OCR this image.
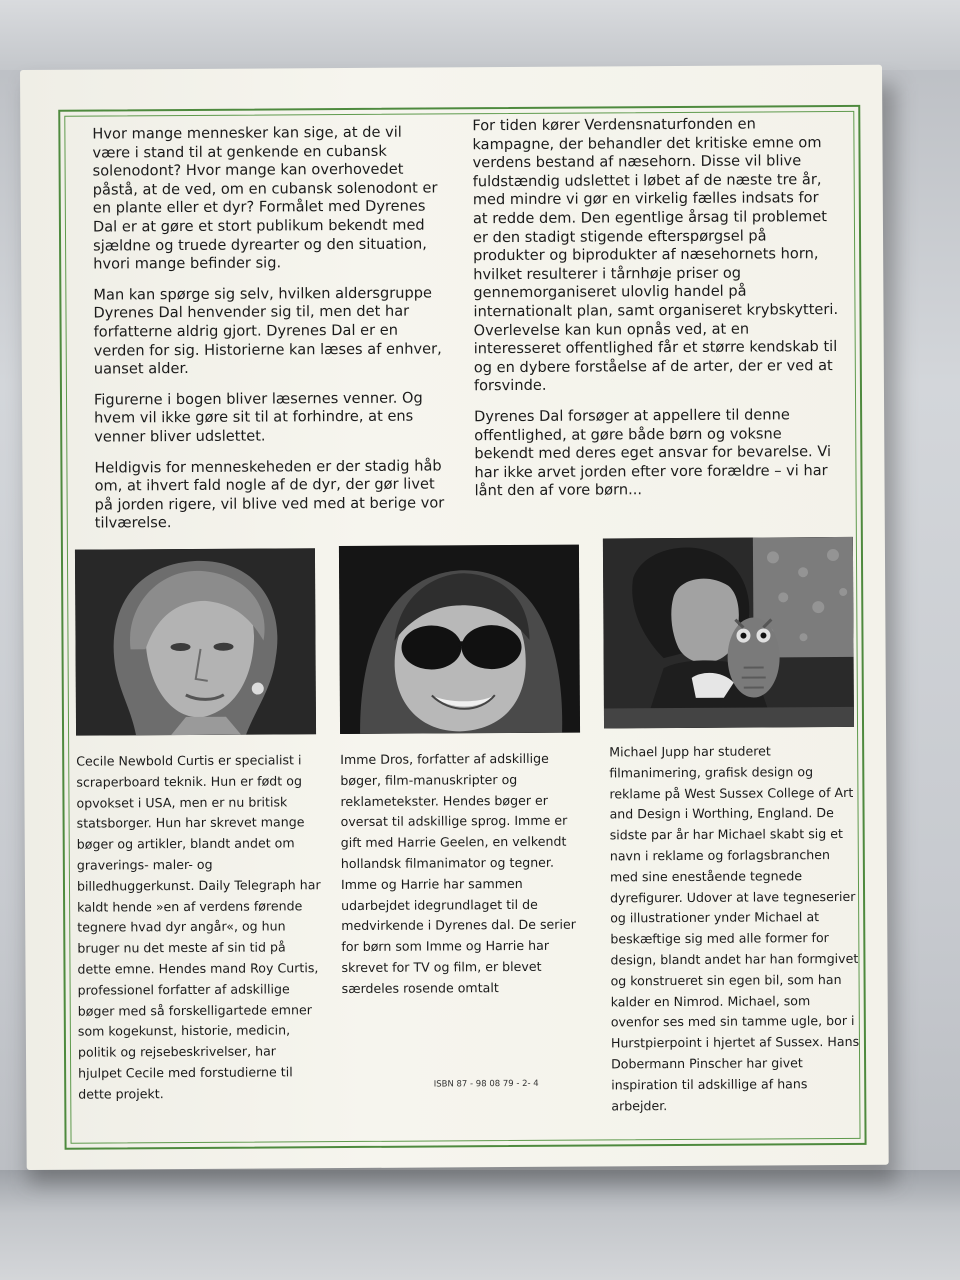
Hvor mange mennesker kan sige, at de vil være i stand til at genkende en cubansk solenodont? Hvor mange kan overhovedet påstå, at de ved, om en cubansk solenodont er en plante eller et dyr? Formålet med Dyrenes Dal er at gøre et stort publikum bekendt med sjældne og truede dyrearter og den situation, hvori mange befinder sig.

Man kan spørge sig selv, hvilken aldersgruppe Dyrenes Dal henvender sig til, men det har forfatterne aldrig gjort. Dyrenes Dal er en verden for sig. Historierne kan læses af enhver, uanset alder.

Figurerne i bogen bliver læsernes venner. Og hvem vil ikke gøre sit til at forhindre, at ens venner bliver udslettet.

Heldigvis for menneskeheden er der stadig håb om, at ihvert fald nogle af de dyr, der gør livet på jorden rigere, vil blive ved med at berige vor tilværelse.

For tiden kører Verdensnaturfonden en kampagne, der behandler det kritiske emne om verdens bestand af næsehorn. Disse vil blive fuldstændig udslettet i løbet af de næste tre år, med mindre vi gør en virkelig fælles indsats for at redde dem. Den egentlige årsag til problemet er den stadigt stigende efterspørgsel på produkter og biprodukter af næsehornets horn, hvilket resulterer i tårnhøje priser og gennemorganiseret ulovlig handel på internationalt plan, samt organiseret krybskytteri. Overlevelse kan kun opnås ved, at en interesseret offentlighed får et større kendskab til og en dybere forståelse af de arter, der er ved at forsvinde.

Dyrenes Dal forsøger at appellere til denne offentlighed, at gøre både børn og voksne bekendt med deres eget ansvar for bevarelse. Vi har ikke arvet jorden efter vore forældre – vi har lånt den af vore børn...

Cecile Newbold Curtis er specialist i scraperboard teknik. Hun er født og opvokset i USA, men er nu britisk statsborger. Hun har skrevet mange bøger og artikler, blandt andet om graverings- maler- og billedhuggerkunst. Daily Telegraph har kaldt hende »en af verdens førende tegnere hvad dyr angår«, og hun bruger nu det meste af sin tid på dette emne. Hendes mand Roy Curtis, professionel forfatter af adskillige bøger med så forskelligartede emner som kogekunst, historie, medicin, politik og rejsebeskrivelser, har hjulpet Cecile med forstudierne til dette projekt.
Imme Dros, forfatter af adskillige bøger, film-manuskripter og reklametekster. Hendes bøger er oversat til adskillige sprog. Imme er gift med Harrie Geelen, en velkendt hollandsk filmanimator og tegner. Imme og Harrie har sammen udarbejdet idegrundlaget til de medvirkende i Dyrenes dal. De serier for børn som Imme og Harrie har skrevet for TV og film, er blevet særdeles rosende omtalt
Michael Jupp har studeret filmanimering, grafisk design og reklame på West Sussex College of Art and Design i Worthing, England. De sidste par år har Michael skabt sig et navn i reklame og forlagsbranchen med sine enestående tegnede dyrefigurer. Udover at lave tegneserier og illustrationer ynder Michael at beskæftige sig med alle former for design, blandt andet har han formgivet og konstrueret sin egen bil, som han kalder en Nimrod. Michael, som ovenfor ses med sin tamme ugle, bor i Hurstpierpoint i hjertet af Sussex. Hans Dobermann Pinscher har givet inspiration til adskillige af hans arbejder.
ISBN 87 - 98 08 79 - 2- 4
